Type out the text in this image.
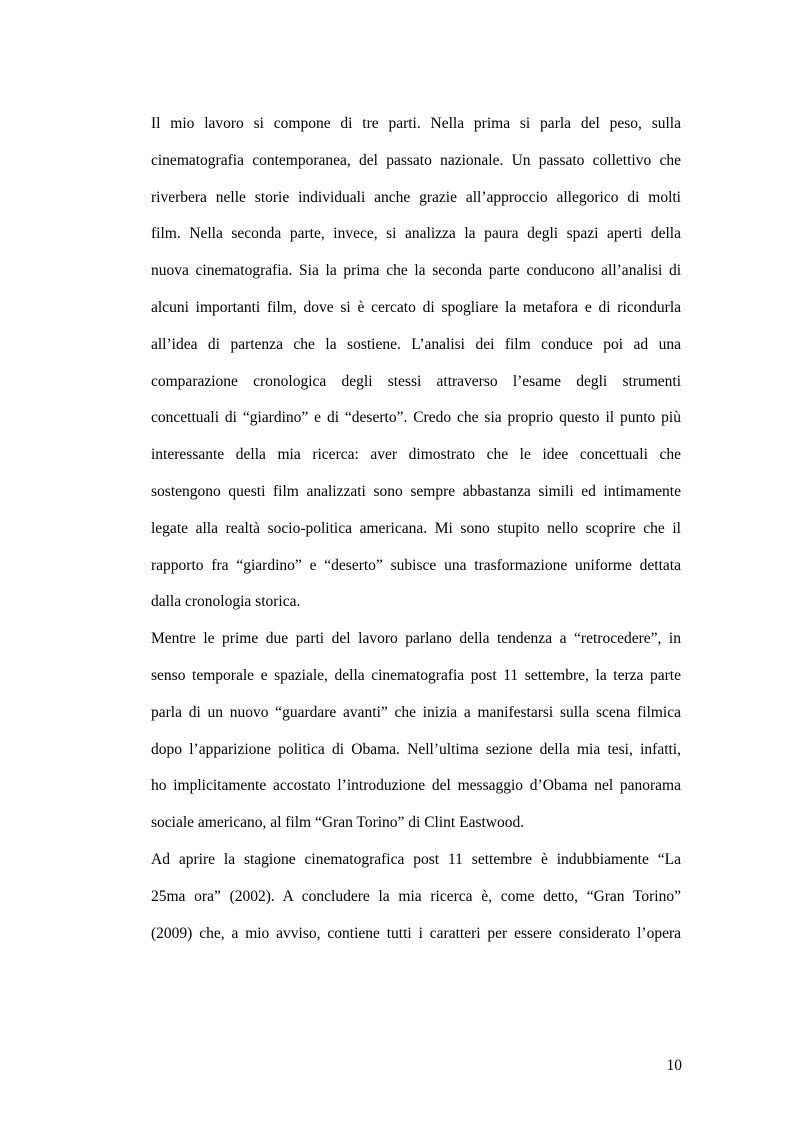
Il mio lavoro si compone di tre parti. Nella prima si parla del peso, sulla
cinematografia contemporanea, del passato nazionale. Un passato collettivo che
riverbera nelle storie individuali anche grazie all’approccio allegorico di molti
film. Nella seconda parte, invece, si analizza la paura degli spazi aperti della
nuova cinematografia. Sia la prima che la seconda parte conducono all’analisi di
alcuni importanti film, dove si è cercato di spogliare la metafora e di ricondurla
all’idea di partenza che la sostiene. L’analisi dei film conduce poi ad una
comparazione cronologica degli stessi attraverso l’esame degli strumenti
concettuali di “giardino” e di “deserto”. Credo che sia proprio questo il punto più
interessante della mia ricerca: aver dimostrato che le idee concettuali che
sostengono questi film analizzati sono sempre abbastanza simili ed intimamente
legate alla realtà socio-politica americana. Mi sono stupito nello scoprire che il
rapporto fra “giardino” e “deserto” subisce una trasformazione uniforme dettata
dalla cronologia storica.
Mentre le prime due parti del lavoro parlano della tendenza a “retrocedere”, in
senso temporale e spaziale, della cinematografia post 11 settembre, la terza parte
parla di un nuovo “guardare avanti” che inizia a manifestarsi sulla scena filmica
dopo l’apparizione politica di Obama. Nell’ultima sezione della mia tesi, infatti,
ho implicitamente accostato l’introduzione del messaggio d’Obama nel panorama
sociale americano, al film “Gran Torino” di Clint Eastwood.
Ad aprire la stagione cinematografica post 11 settembre è indubbiamente “La
25ma ora” (2002). A concludere la mia ricerca è, come detto, “Gran Torino”
(2009) che, a mio avviso, contiene tutti i caratteri per essere considerato l’opera
10
